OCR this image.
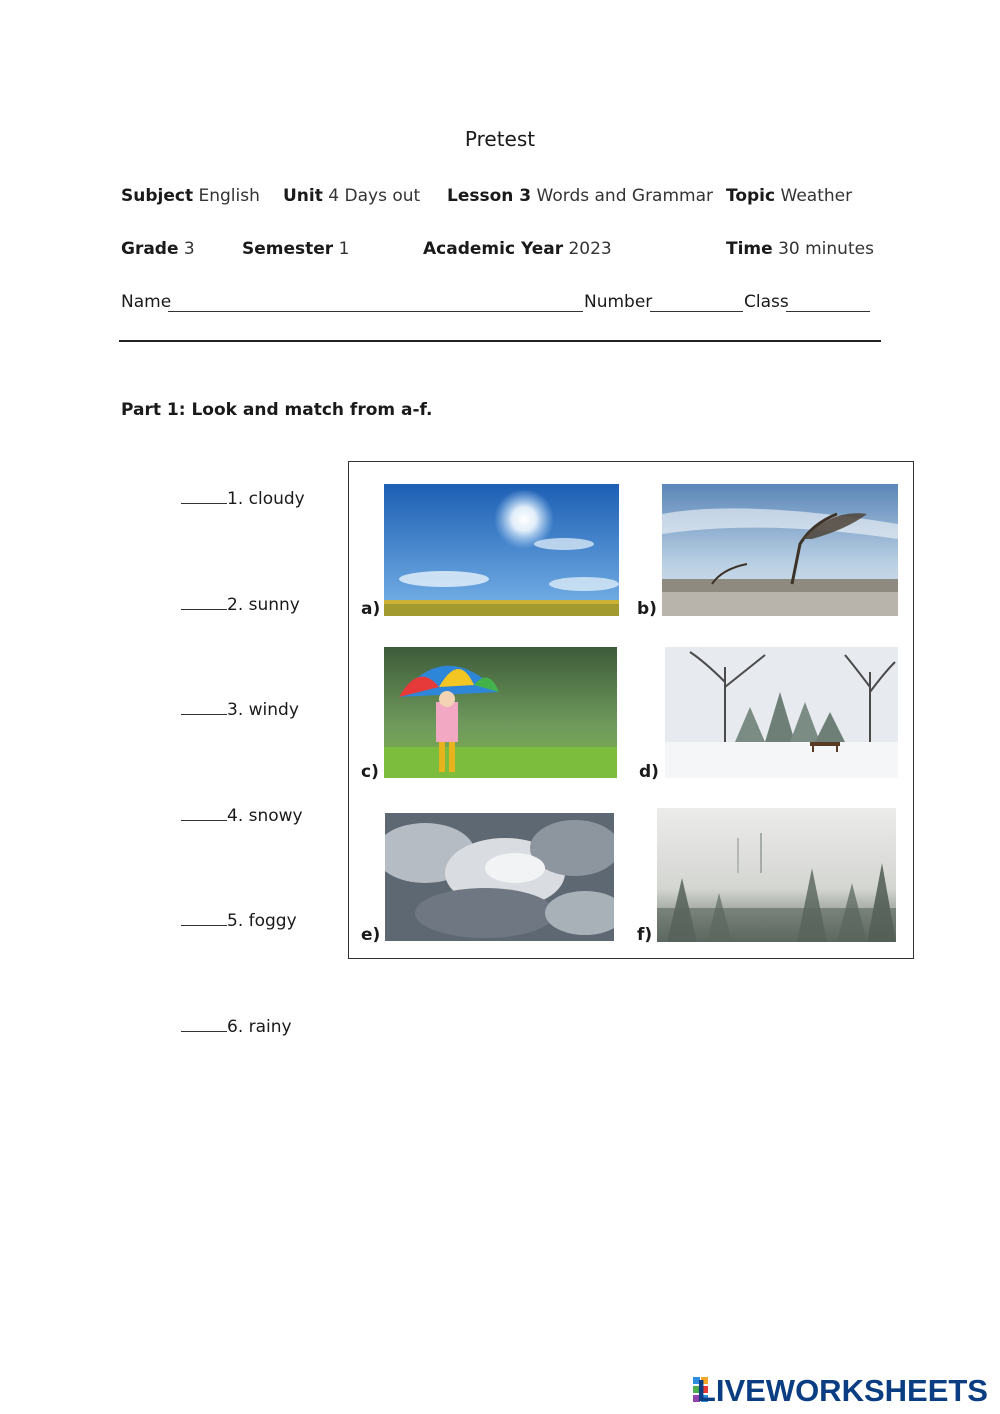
Pretest
Subject English Unit 4 Days out Lesson 3 Words and Grammar Topic Weather
Grade 3	Semester 1	Academic Year 2023	Time 30 minutes
Name	Number	Class
Part 1: Look and match from a-f.
1. cloudy
2. sunny
3. windy
4. snowy
5. foggy
6. rainy
a)	b)
c)	d)
e)	f)
LIVEWORKSHEETS
